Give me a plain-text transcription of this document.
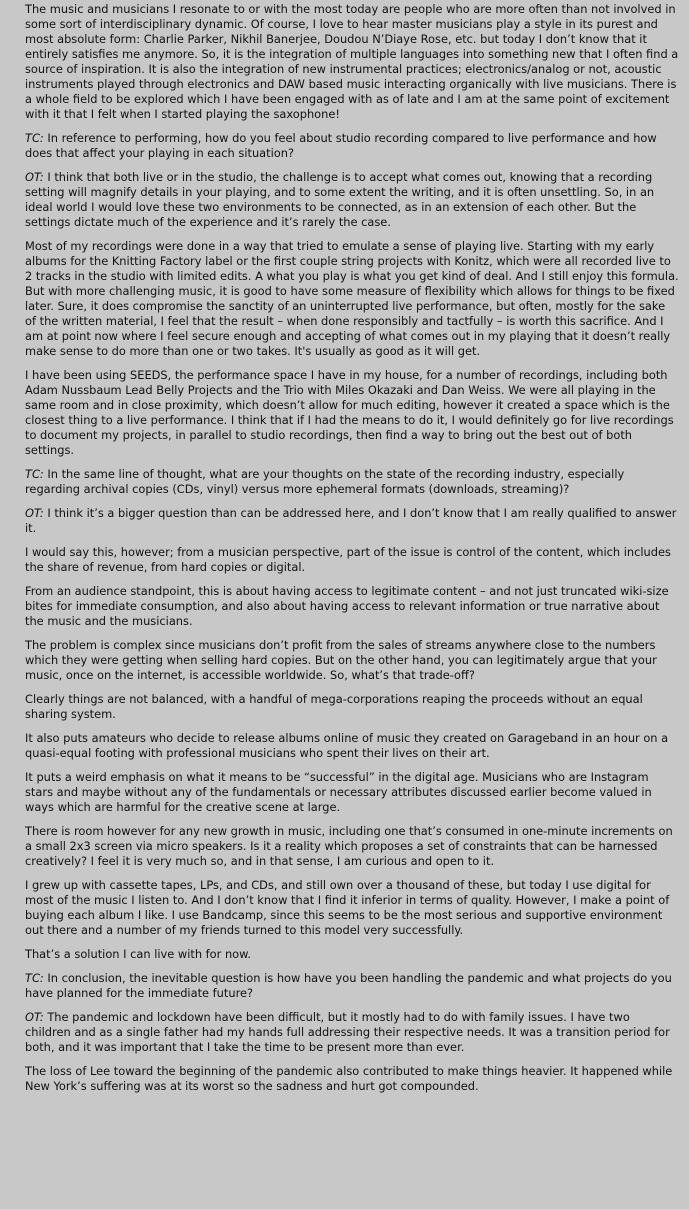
The music and musicians I resonate to or with the most today are people who are more often than not involved in some sort of interdisciplinary dynamic. Of course, I love to hear master musicians play a style in its purest and most absolute form: Charlie Parker, Nikhil Banerjee, Doudou N’Diaye Rose, etc. but today I don’t know that it entirely satisfies me anymore. So, it is the integration of multiple languages into something new that I often find a source of inspiration. It is also the integration of new instrumental practices; electronics/analog or not, acoustic instruments played through electronics and DAW based music interacting organically with live musicians. There is a whole field to be explored which I have been engaged with as of late and I am at the same point of excitement with it that I felt when I started playing the saxophone!

TC: In reference to performing, how do you feel about studio recording compared to live performance and how does that affect your playing in each situation?

OT: I think that both live or in the studio, the challenge is to accept what comes out, knowing that a recording setting will magnify details in your playing, and to some extent the writing, and it is often unsettling. So, in an ideal world I would love these two environments to be connected, as in an extension of each other. But the settings dictate much of the experience and it’s rarely the case.

Most of my recordings were done in a way that tried to emulate a sense of playing live. Starting with my early albums for the Knitting Factory label or the first couple string projects with Konitz, which were all recorded live to 2 tracks in the studio with limited edits. A what you play is what you get kind of deal. And I still enjoy this formula. But with more challenging music, it is good to have some measure of flexibility which allows for things to be fixed later. Sure, it does compromise the sanctity of an uninterrupted live performance, but often, mostly for the sake of the written material, I feel that the result – when done responsibly and tactfully – is worth this sacrifice. And I am at point now where I feel secure enough and accepting of what comes out in my playing that it doesn’t really make sense to do more than one or two takes. It's usually as good as it will get.

I have been using SEEDS, the performance space I have in my house, for a number of recordings, including both Adam Nussbaum Lead Belly Projects and the Trio with Miles Okazaki and Dan Weiss. We were all playing in the same room and in close proximity, which doesn’t allow for much editing, however it created a space which is the closest thing to a live performance. I think that if I had the means to do it, I would definitely go for live recordings to document my projects, in parallel to studio recordings, then find a way to bring out the best out of both settings.

TC: In the same line of thought, what are your thoughts on the state of the recording industry, especially regarding archival copies (CDs, vinyl) versus more ephemeral formats (downloads, streaming)?

OT: I think it’s a bigger question than can be addressed here, and I don’t know that I am really qualified to answer it.

I would say this, however; from a musician perspective, part of the issue is control of the content, which includes the share of revenue, from hard copies or digital.

From an audience standpoint, this is about having access to legitimate content – and not just truncated wiki-size bites for immediate consumption, and also about having access to relevant information or true narrative about the music and the musicians.

The problem is complex since musicians don’t profit from the sales of streams anywhere close to the numbers which they were getting when selling hard copies. But on the other hand, you can legitimately argue that your music, once on the internet, is accessible worldwide. So, what’s that trade-off?

Clearly things are not balanced, with a handful of mega-corporations reaping the proceeds without an equal sharing system.

It also puts amateurs who decide to release albums online of music they created on Garageband in an hour on a quasi-equal footing with professional musicians who spent their lives on their art.

It puts a weird emphasis on what it means to be “successful” in the digital age. Musicians who are Instagram stars and maybe without any of the fundamentals or necessary attributes discussed earlier become valued in ways which are harmful for the creative scene at large.

There is room however for any new growth in music, including one that’s consumed in one-minute increments on a small 2x3 screen via micro speakers. Is it a reality which proposes a set of constraints that can be harnessed creatively? I feel it is very much so, and in that sense, I am curious and open to it.

I grew up with cassette tapes, LPs, and CDs, and still own over a thousand of these, but today I use digital for most of the music I listen to. And I don’t know that I find it inferior in terms of quality. However, I make a point of buying each album I like. I use Bandcamp, since this seems to be the most serious and supportive environment out there and a number of my friends turned to this model very successfully.

That’s a solution I can live with for now.

TC: In conclusion, the inevitable question is how have you been handling the pandemic and what projects do you have planned for the immediate future?

OT: The pandemic and lockdown have been difficult, but it mostly had to do with family issues. I have two children and as a single father had my hands full addressing their respective needs. It was a transition period for both, and it was important that I take the time to be present more than ever.

The loss of Lee toward the beginning of the pandemic also contributed to make things heavier. It happened while New York’s suffering was at its worst so the sadness and hurt got compounded.
